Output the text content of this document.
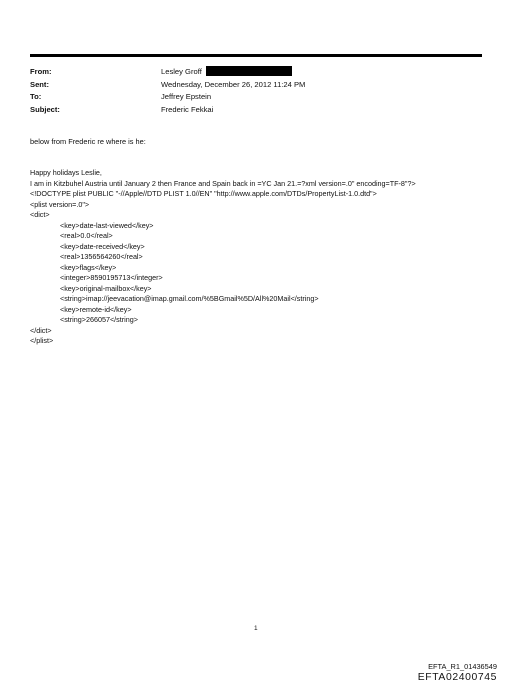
From:	Lesley Groff
Sent:	Wednesday, December 26, 2012 11:24 PM
To:	Jeffrey Epstein
Subject:	Frederic Fekkai
below from Frederic re where is he:
Happy holidays Leslie,
I am in Kitzbuhel Austria until January 2 then France and Spain back in =YC Jan 21.=?xml version=.0" encoding=TF-8"?>
<!DOCTYPE plist PUBLIC "-//Apple//DTD PLIST 1.0//EN" "http://www.apple.com/DTDs/PropertyList-1.0.dtd">
<plist version=.0">
<dict>
<key>date-last-viewed</key>
<real>0.0</real>
<key>date-received</key>
<real>1356564260</real>
<key>flags</key>
<integer>8590195713</integer>
<key>original-mailbox</key>
<string>imap://jeevacation@imap.gmail.com/%5BGmail%5D/All%20Mail</string>
<key>remote-id</key>
<string>266057</string>
</dict>
</plist>
1
EFTA_R1_01436549
EFTA02400745
